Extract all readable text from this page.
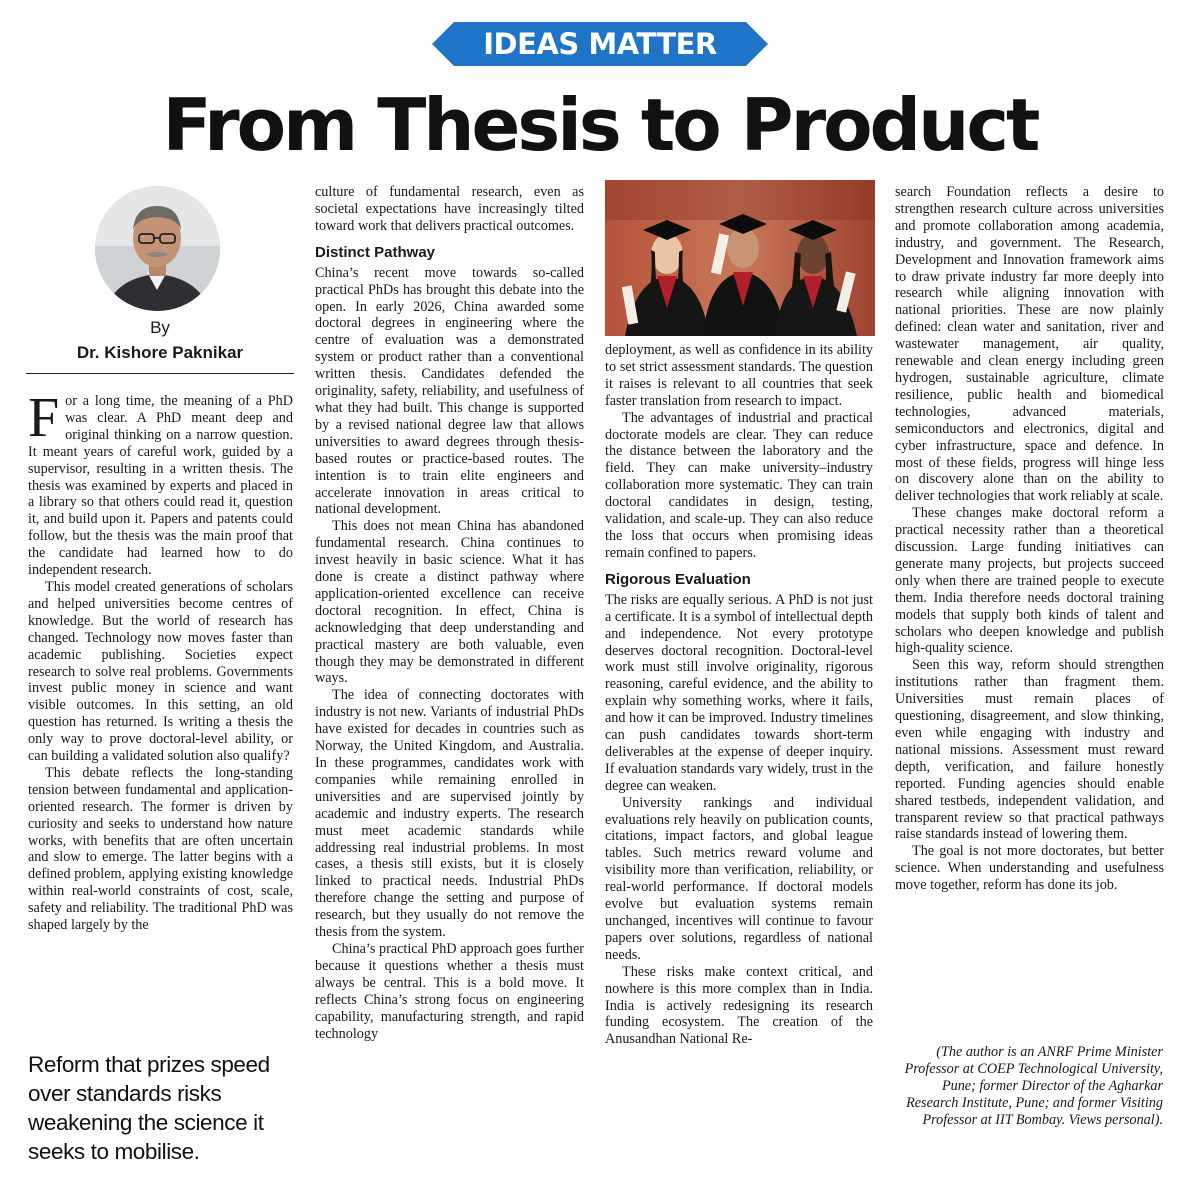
IDEAS MATTER
From Thesis to Product
By
Dr. Kishore Paknikar

For a long time, the meaning of a PhD was clear. A PhD meant deep and original thinking on a narrow question. It meant years of careful work, guided by a supervisor, resulting in a written thesis. The thesis was examined by experts and placed in a library so that others could read it, question it, and build upon it. Papers and patents could follow, but the thesis was the main proof that the candidate had learned how to do independent research.

This model created generations of scholars and helped universities become centres of knowledge. But the world of research has changed. Technology now moves faster than academic publishing. Societies expect research to solve real problems. Governments invest public money in science and want visible outcomes. In this setting, an old question has returned. Is writing a thesis the only way to prove doctoral-level ability, or can building a validated solution also qualify?

This debate reflects the long-standing tension between fundamental and application-oriented research. The former is driven by curiosity and seeks to understand how nature works, with benefits that are often uncertain and slow to emerge. The latter begins with a defined problem, applying existing knowledge within real-world constraints of cost, scale, safety and reliability. The traditional PhD was shaped largely by the

Reform that prizes speed over standards risks weakening the science it seeks to mobilise.

culture of fundamental research, even as societal expectations have increasingly tilted toward work that delivers practical outcomes.

Distinct Pathway

China’s recent move towards so-called practical PhDs has brought this debate into the open. In early 2026, China awarded some doctoral degrees in engineering where the centre of evaluation was a demonstrated system or product rather than a conventional written thesis. Candidates defended the originality, safety, reliability, and usefulness of what they had built. This change is supported by a revised national degree law that allows universities to award degrees through thesis-based routes or practice-based routes. The intention is to train elite engineers and accelerate innovation in areas critical to national development.

This does not mean China has abandoned fundamental research. China continues to invest heavily in basic science. What it has done is create a distinct pathway where application-oriented excellence can receive doctoral recognition. In effect, China is acknowledging that deep understanding and practical mastery are both valuable, even though they may be demonstrated in different ways.

The idea of connecting doctorates with industry is not new. Variants of industrial PhDs have existed for decades in countries such as Norway, the United Kingdom, and Australia. In these programmes, candidates work with companies while remaining enrolled in universities and are supervised jointly by academic and industry experts. The research must meet academic standards while addressing real industrial problems. In most cases, a thesis still exists, but it is closely linked to practical needs. Industrial PhDs therefore change the setting and purpose of research, but they usually do not remove the thesis from the system.

China’s practical PhD approach goes further because it questions whether a thesis must always be central. This is a bold move. It reflects China’s strong focus on engineering capability, manufacturing strength, and rapid technology

deployment, as well as confidence in its ability to set strict assessment standards. The question it raises is relevant to all countries that seek faster translation from research to impact.

The advantages of industrial and practical doctorate models are clear. They can reduce the distance between the laboratory and the field. They can make university–industry collaboration more systematic. They can train doctoral candidates in design, testing, validation, and scale-up. They can also reduce the loss that occurs when promising ideas remain confined to papers.

Rigorous Evaluation

The risks are equally serious. A PhD is not just a certificate. It is a symbol of intellectual depth and independence. Not every prototype deserves doctoral recognition. Doctoral-level work must still involve originality, rigorous reasoning, careful evidence, and the ability to explain why something works, where it fails, and how it can be improved. Industry timelines can push candidates towards short-term deliverables at the expense of deeper inquiry. If evaluation standards vary widely, trust in the degree can weaken.

University rankings and individual evaluations rely heavily on publication counts, citations, impact factors, and global league tables. Such metrics reward volume and visibility more than verification, reliability, or real-world performance. If doctoral models evolve but evaluation systems remain unchanged, incentives will continue to favour papers over solutions, regardless of national needs.

These risks make context critical, and nowhere is this more complex than in India. India is actively redesigning its research funding ecosystem. The creation of the Anusandhan National Re-

search Foundation reflects a desire to strengthen research culture across universities and promote collaboration among academia, industry, and government. The Research, Development and Innovation framework aims to draw private industry far more deeply into research while aligning innovation with national priorities. These are now plainly defined: clean water and sanitation, river and wastewater management, air quality, renewable and clean energy including green hydrogen, sustainable agriculture, climate resilience, public health and biomedical technologies, advanced materials, semiconductors and electronics, digital and cyber infrastructure, space and defence. In most of these fields, progress will hinge less on discovery alone than on the ability to deliver technologies that work reliably at scale.

These changes make doctoral reform a practical necessity rather than a theoretical discussion. Large funding initiatives can generate many projects, but projects succeed only when there are trained people to execute them. India therefore needs doctoral training models that supply both kinds of talent and scholars who deepen knowledge and publish high-quality science.

Seen this way, reform should strengthen institutions rather than fragment them. Universities must remain places of questioning, disagreement, and slow thinking, even while engaging with industry and national missions. Assessment must reward depth, verification, and failure honestly reported. Funding agencies should enable shared testbeds, independent validation, and transparent review so that practical pathways raise standards instead of lowering them.

The goal is not more doctorates, but better science. When understanding and usefulness move together, reform has done its job.

(The author is an ANRF Prime Minister Professor at COEP Technological University, Pune; former Director of the Agharkar Research Institute, Pune; and former Visiting Professor at IIT Bombay. Views personal).
